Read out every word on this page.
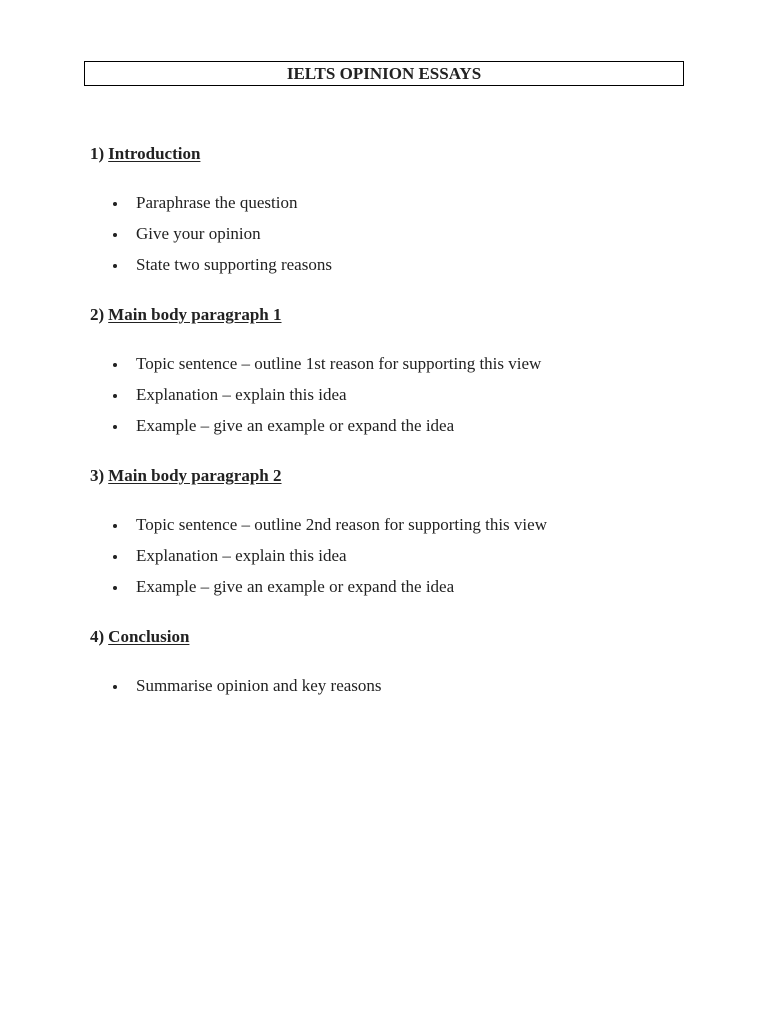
IELTS OPINION ESSAYS

1) Introduction

Paraphrase the question
Give your opinion
State two supporting reasons

2) Main body paragraph 1

Topic sentence – outline 1st reason for supporting this view
Explanation – explain this idea
Example – give an example or expand the idea

3) Main body paragraph 2

Topic sentence – outline 2nd reason for supporting this view
Explanation – explain this idea
Example – give an example or expand the idea

4) Conclusion

Summarise opinion and key reasons
